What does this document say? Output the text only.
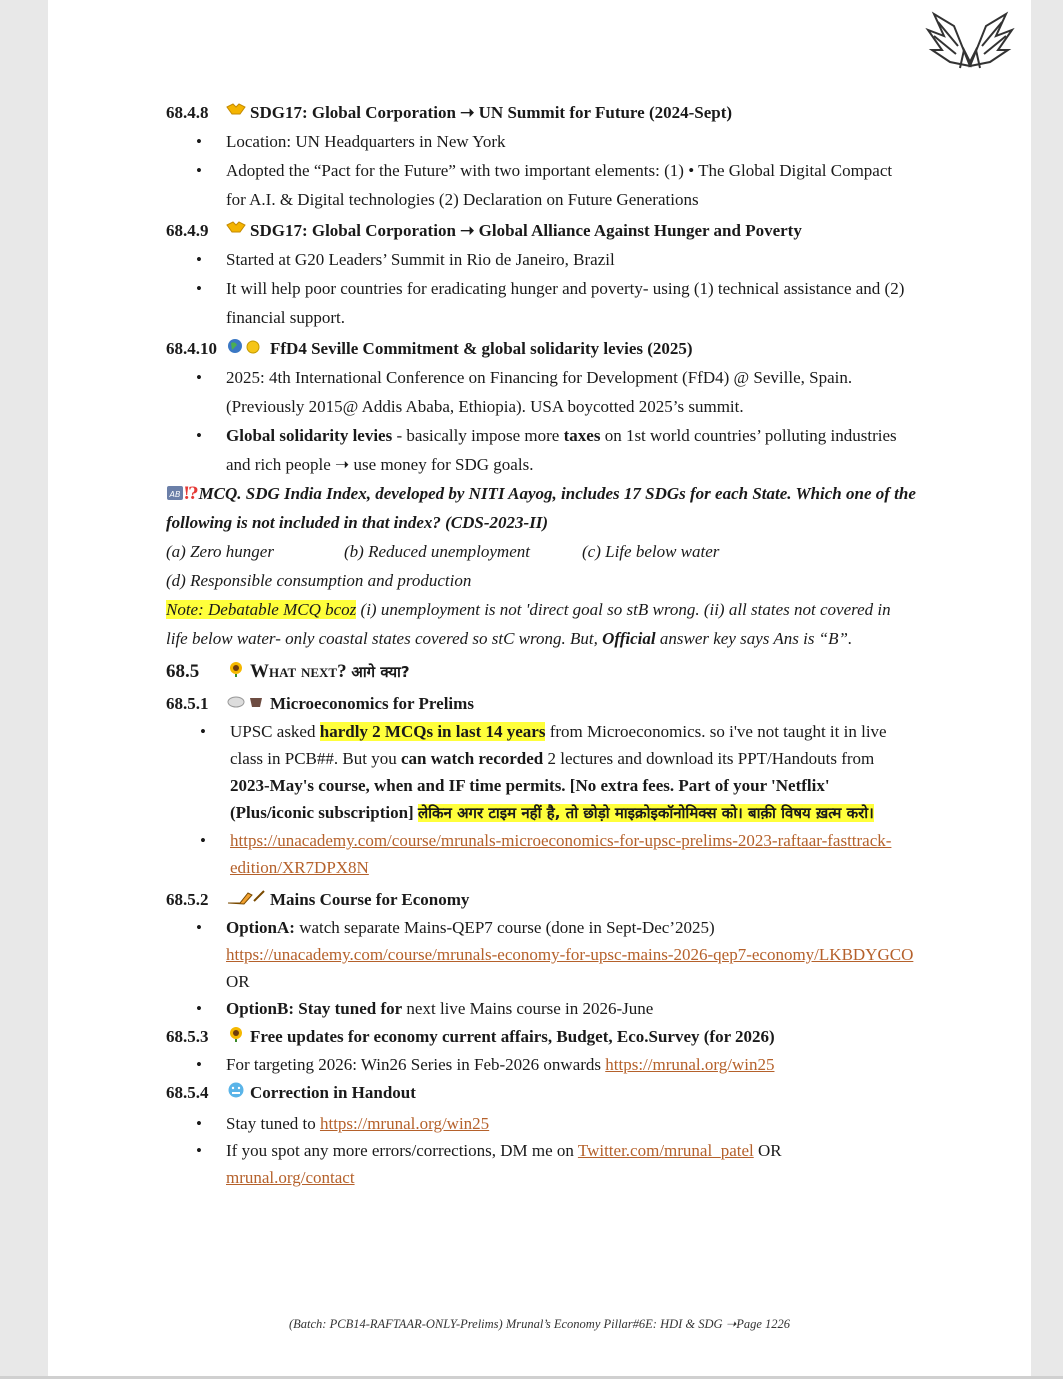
68.4.8	SDG17: Global Corporation ➝ UN Summit for Future (2024-Sept)
• Location: UN Headquarters in New York
• Adopted the “Pact for the Future” with two important elements: (1) • The Global Digital Compact for A.I. & Digital technologies (2) Declaration on Future Generations
68.4.9	SDG17: Global Corporation ➝ Global Alliance Against Hunger and Poverty
• Started at G20 Leaders’ Summit in Rio de Janeiro, Brazil
• It will help poor countries for eradicating hunger and poverty- using (1) technical assistance and (2) financial support.
68.4.10	FfD4 Seville Commitment & global solidarity levies (2025)
• 2025: 4th International Conference on Financing for Development (FfD4) @ Seville, Spain. (Previously 2015@ Addis Ababa, Ethiopia). USA boycotted 2025’s summit.
• Global solidarity levies - basically impose more taxes on 1st world countries’ polluting industries and rich people ➝ use money for SDG goals.
AB ⁉MCQ. SDG India Index, developed by NITI Aayog, includes 17 SDGs for each State. Which one of the following is not included in that index? (CDS-2023-II)
(a) Zero hunger	(b) Reduced unemployment	(c) Life below water
(d) Responsible consumption and production
Note: Debatable MCQ bcoz (i) unemployment is not 'direct goal so stB wrong. (ii) all states not covered in life below water- only coastal states covered so stC wrong. But, Official answer key says Ans is “B”.
68.5	What next?
आगे क्या?
68.5.1	Microeconomics for Prelims
• UPSC asked hardly 2 MCQs in last 14 years from Microeconomics. so i've not taught it in live class in PCB##. But you can watch recorded 2 lectures and download its PPT/Handouts from 2023-May's course, when and IF time permits. [No extra fees. Part of your 'Netflix' (Plus/iconic subscription] लेकिन अगर टाइम नहीं है, तो छोड़ो माइक्रोइकॉनोमिक्स को। बाक़ी विषय ख़त्म करो।
• https://unacademy.com/course/mrunals-microeconomics-for-upsc-prelims-2023-raftaar-fasttrack-edition/XR7DPX8N
68.5.2	Mains Course for Economy
• OptionA: watch separate Mains-QEP7 course (done in Sept-Dec’2025)
https://unacademy.com/course/mrunals-economy-for-upsc-mains-2026-qep7-economy/LKBDYGCO OR
• OptionB: Stay tuned for next live Mains course in 2026-June
68.5.3	Free updates for economy current affairs, Budget, Eco.Survey (for 2026)
• For targeting 2026: Win26 Series in Feb-2026 onwards https://mrunal.org/win25
68.5.4	Correction in Handout
• Stay tuned to https://mrunal.org/win25
• If you spot any more errors/corrections, DM me on Twitter.com/mrunal_patel OR
mrunal.org/contact
(Batch: PCB14-RAFTAAR-ONLY-Prelims) Mrunal’s Economy Pillar#6E: HDI & SDG ➝Page 1226
